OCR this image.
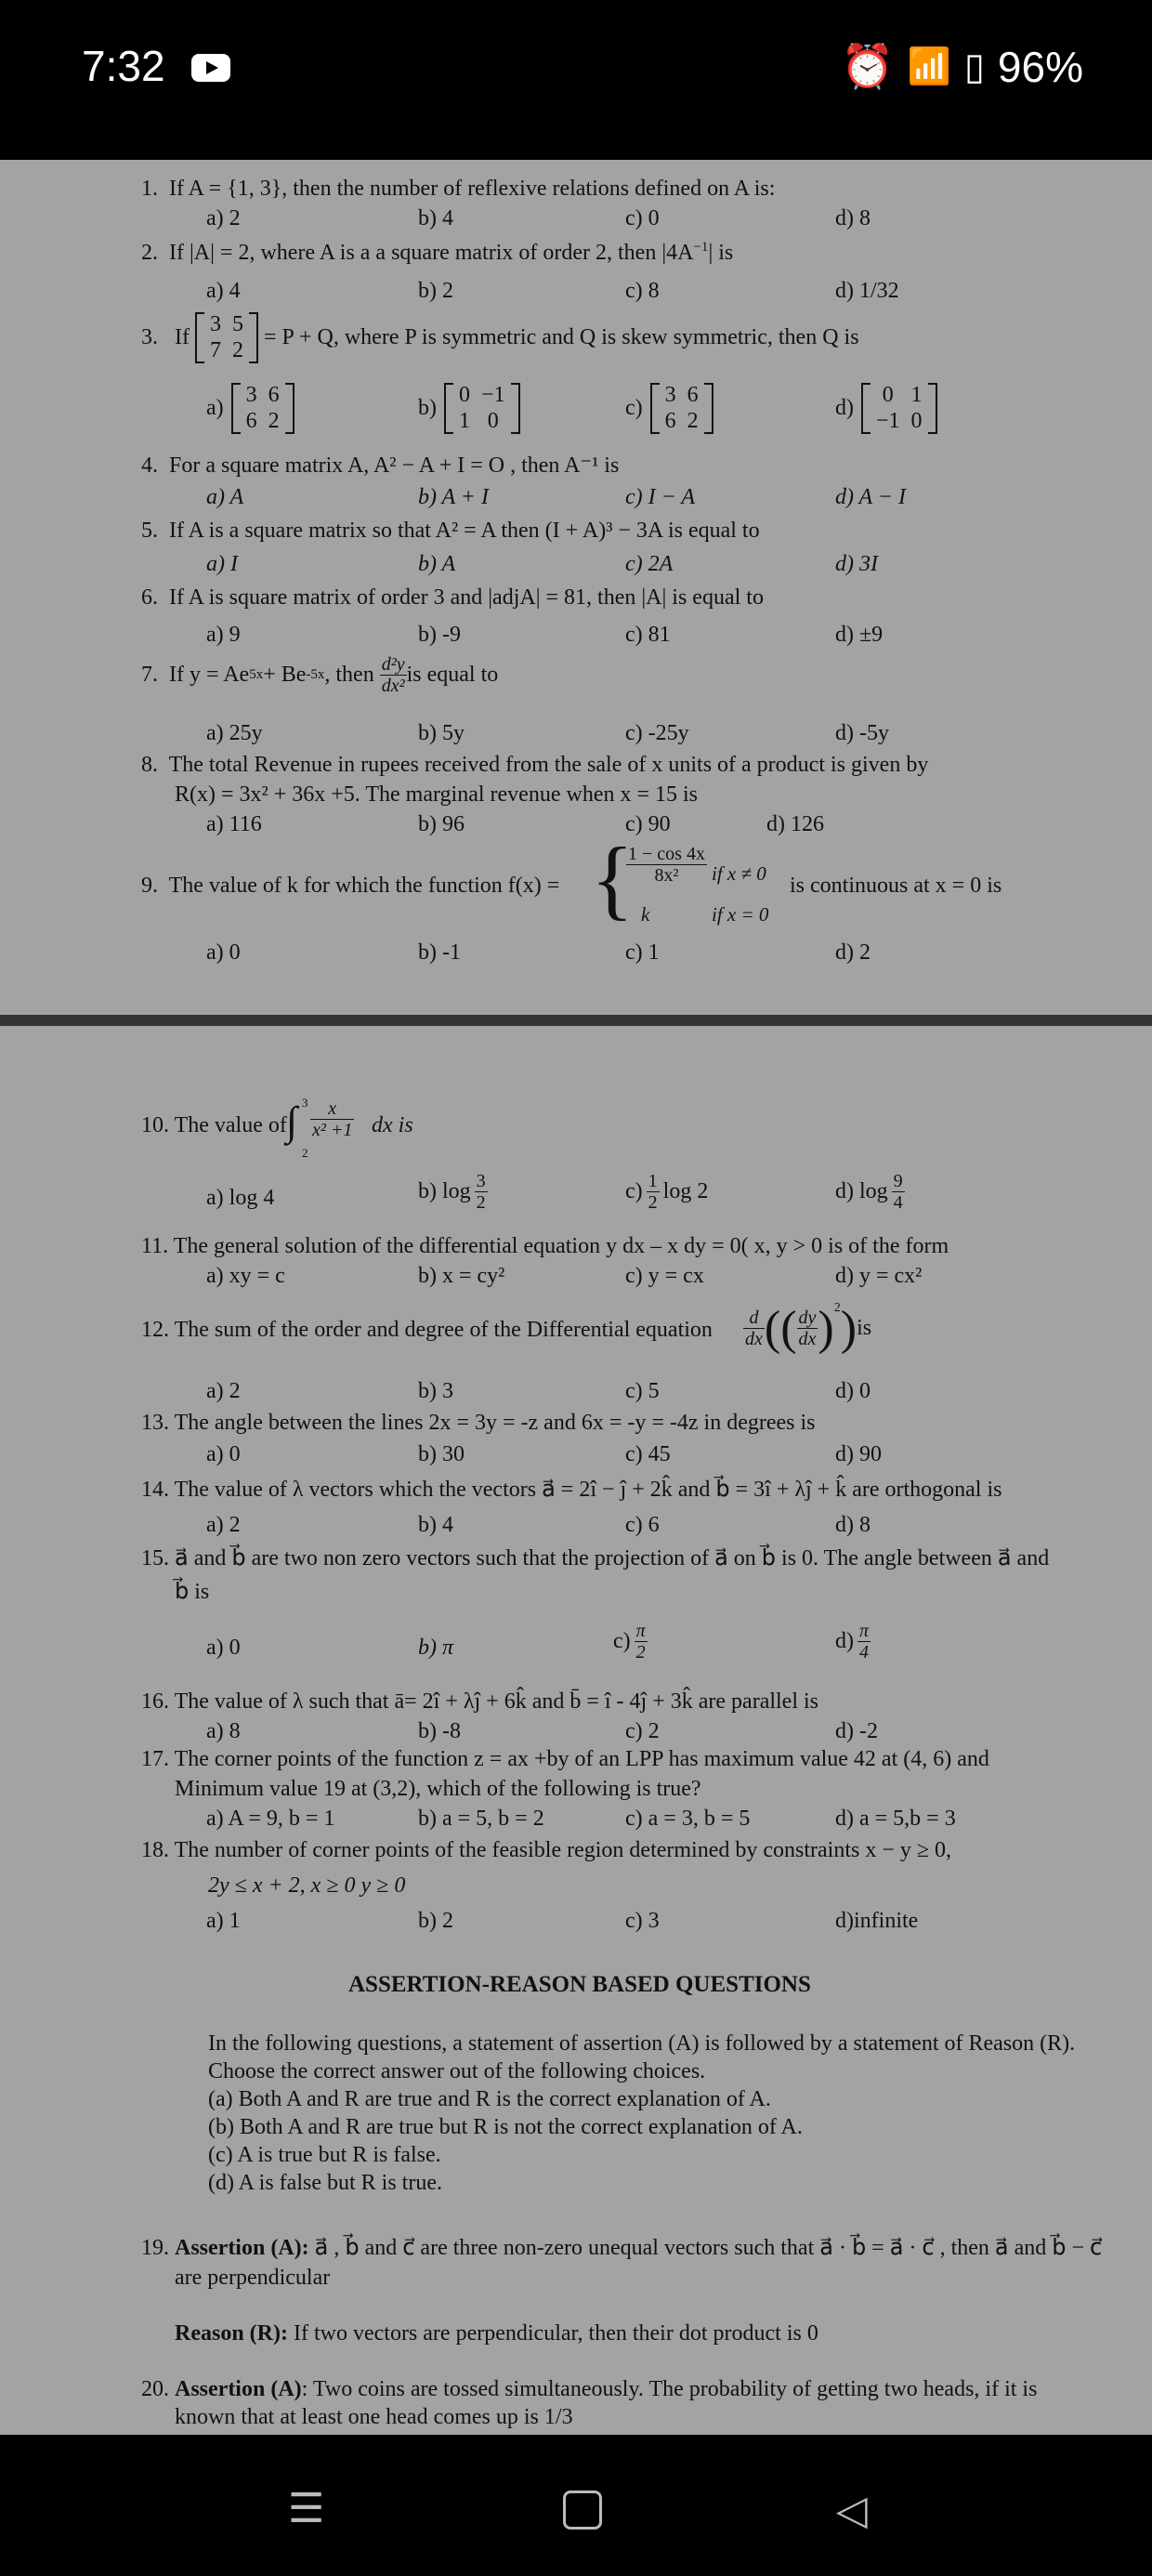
7:32	⏰ 📶 ▯ 96%
1. If A = {1, 3}, then the number of reflexive relations defined on A is:
a) 2	b) 4	c) 0	d) 8
2. If |A| = 2, where A is a a square matrix of order 2, then $|4A^{-1}|$ is
a) 4	b) 2	c) 8	d) 1/32
3.
If
3	5
7	2
= P + Q, where P is symmetric and Q is skew symmetric, then Q is
a)
3	6
6	2
b)
0	−1
1	0
c)
3	6
6	2
d)
0	1
−1	0
4. For a square matrix A, A² − A + I = O , then A⁻¹ is
a) A	b) A + I	c) I − A	d) A − I
5. If A is a square matrix so that A² = A then (I + A)³ − 3A is equal to
a) I	b) A	c) 2A	d) 3I
6. If A is square matrix of order 3 and |adjA| = 81, then |A| is equal to
a) 9	b) -9	c) 81	d) ±9
7.
If y = Ae 5x + Be -5x , then
$\frac{\text{d²y}}{\text{dx²}}$ is equal to
a) 25y	b) 5y	c) -25y	d) -5y
8. The total Revenue in rupees received from the sale of x units of a product is given by
R(x) = 3x² + 36x +5. The marginal revenue when x = 15 is
a) 116	b) 96	c) 90	d) 126
9. The value of k for which the function f(x) = {
$\frac{1 - \cos 4x}{\text{8x²}}$ if x ≠ 0
k	if x = 0
is continuous at x = 0 is
a) 0	b) -1	c) 1	d) 2
10. The value of ∫ 3
2
$\frac{x}{\text{x² +1}}$ dx is
a) log 4	b) $\log \frac{3}{2}$	$c) \frac{1}{2}$ log 2	d) $\log \frac{9}{4}$
11. The general solution of the differential equation y dx – x dy = 0( x, y > 0 is of the form
a) xy = c	b) x = cy²	c) y = cx	d) y = cx²
12. The sum of the order and degree of the Differential equation $\frac{d}{dx}$ (( $\frac{dy}{dx} )^2$ ) is
a) 2	b) 3	c) 5	d) 0
13. The angle between the lines 2x = 3y = -z and 6x = -y = -4z in degrees is
a) 0	b) 30	c) 45	d) 90
14. The value of λ vectors which the vectors a⃗ = 2î − ĵ + 2k̂ and b⃗ = 3î + λĵ + k̂ are orthogonal is
a) 2	b) 4	c) 6	d) 8
15. a⃗ and b⃗ are two non zero vectors such that the projection of a⃗ on b⃗ is 0. The angle between a⃗ and
b⃗ is
a) 0	b) π	$c) \frac{\pi}{2}$	$d) \frac{\pi}{4}$
16. The value of λ such that ā= 2î + λĵ + 6k̂ and b̄ = î - 4ĵ + 3k̂ are parallel is
a) 8	b) -8	c) 2	d) -2
17. The corner points of the function z = ax +by of an LPP has maximum value 42 at (4, 6) and
Minimum value 19 at (3,2), which of the following is true?
a) A = 9, b = 1	b) a = 5, b = 2	c) a = 3, b = 5	d) a = 5,b = 3
18. The number of corner points of the feasible region determined by constraints x − y ≥ 0,
2y ≤ x + 2, x ≥ 0 y ≥ 0
a) 1	b) 2	c) 3	d)infinite
ASSERTION-REASON BASED QUESTIONS
In the following questions, a statement of assertion (A) is followed by a statement of Reason (R).
Choose the correct answer out of the following choices.
(a) Both A and R are true and R is the correct explanation of A.
(b) Both A and R are true but R is not the correct explanation of A.
(c) A is true but R is false.
(d) A is false but R is true.
19. Assertion (A): a⃗ , b⃗ and c⃗ are three non-zero unequal vectors such that a⃗ · b⃗ = a⃗ · c⃗ , then a⃗ and b⃗ − c⃗
are perpendicular
Reason (R): If two vectors are perpendicular, then their dot product is 0
20. Assertion (A): Two coins are tossed simultaneously. The probability of getting two heads, if it is
known that at least one head comes up is 1/3
☰	◁
